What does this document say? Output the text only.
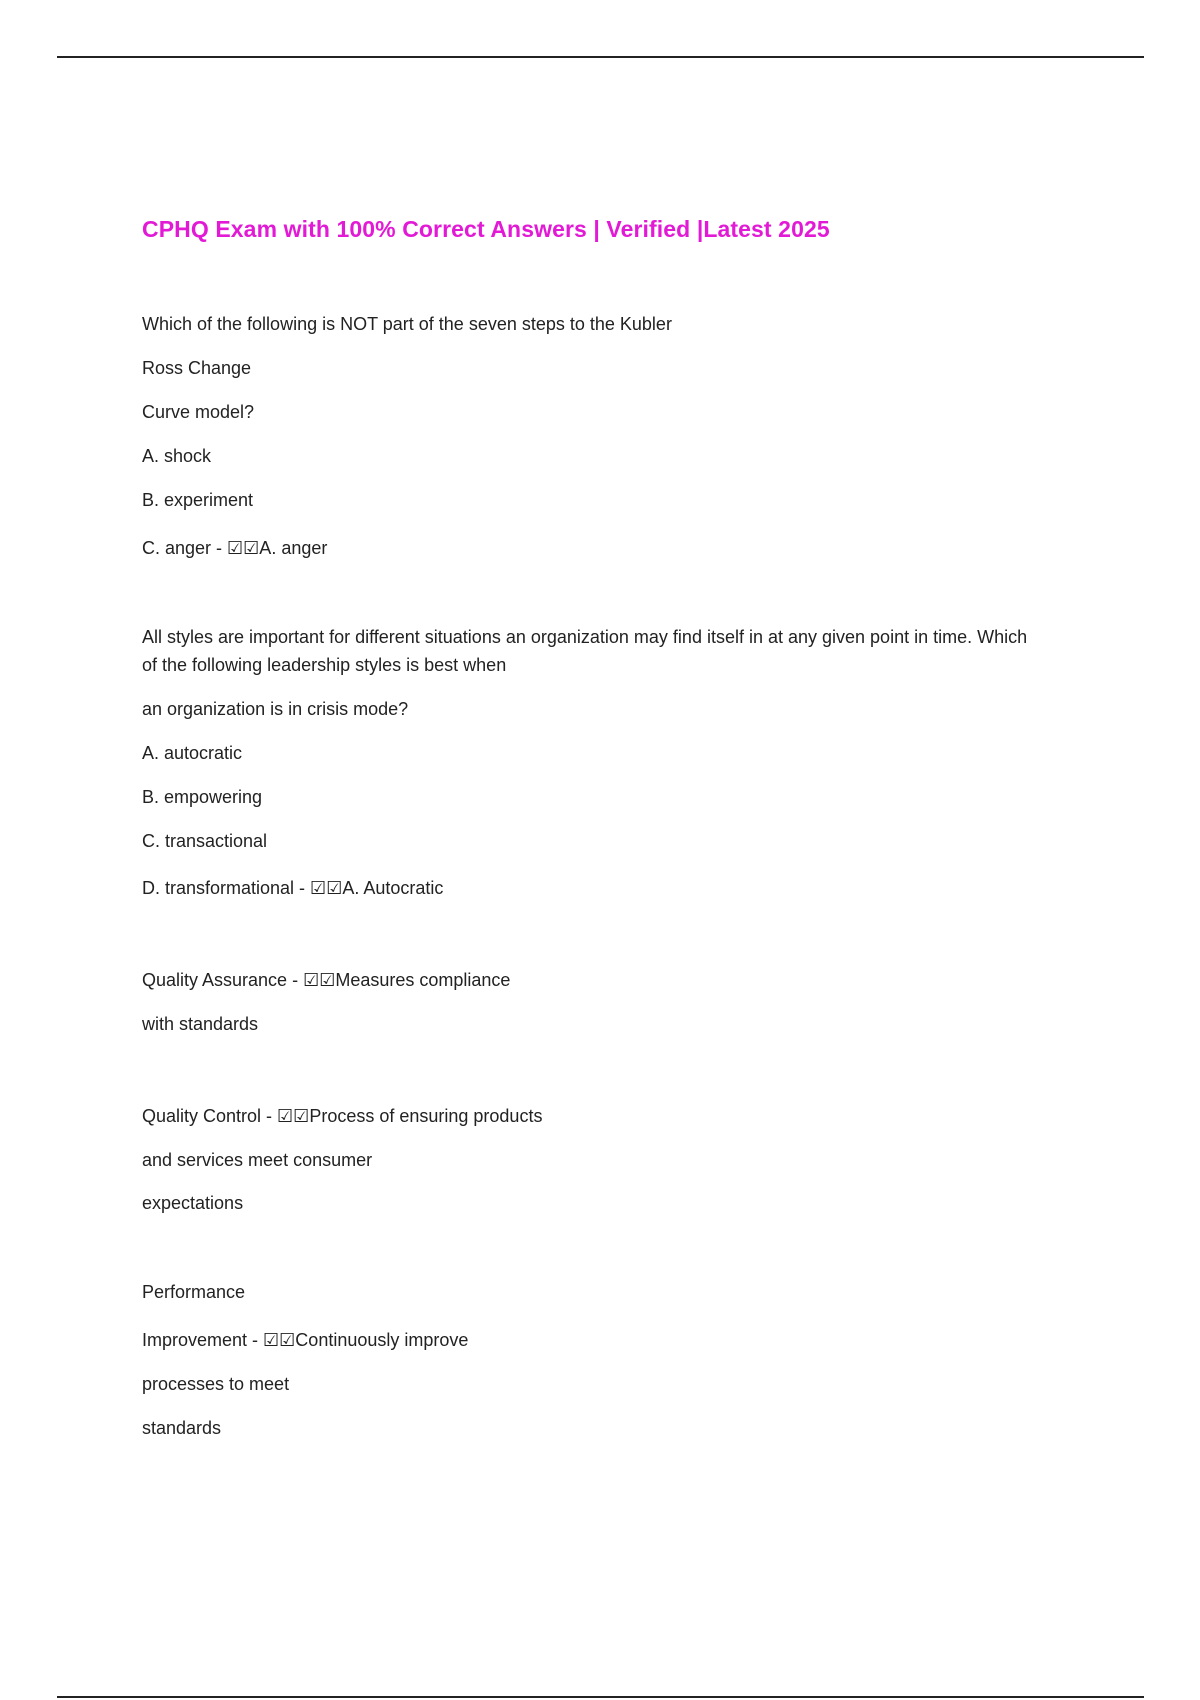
CPHQ Exam with 100% Correct Answers | Verified |Latest 2025

Which of the following is NOT part of the seven steps to the Kubler

Ross Change

Curve model?

A. shock

B. experiment

C. anger - ☑☑A. anger

All styles are important for different situations an organization may find itself in at any given point in time. Which of the following leadership styles is best when

an organization is in crisis mode?

A. autocratic

B. empowering

C. transactional

D. transformational - ☑☑A. Autocratic

Quality Assurance - ☑☑Measures compliance

with standards

Quality Control - ☑☑Process of ensuring products

and services meet consumer

expectations

Performance

Improvement - ☑☑Continuously improve

processes to meet

standards
